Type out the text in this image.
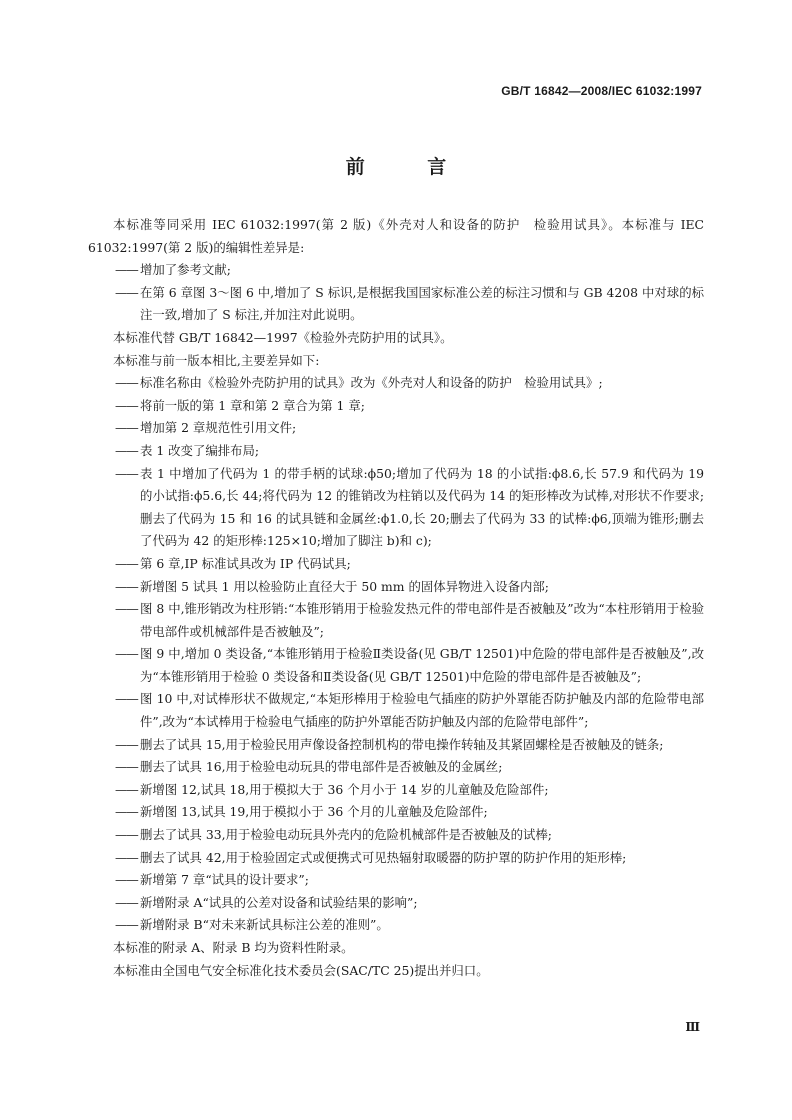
GB/T 16842—2008/IEC 61032:1997
前 言

本标准等同采用 IEC 61032:1997(第 2 版)《外壳对人和设备的防护　检验用试具》。本标准与 IEC 61032:1997(第 2 版)的编辑性差异是:

—— 增加了参考文献;

—— 在第 6 章图 3～图 6 中,增加了 S 标识,是根据我国国家标准公差的标注习惯和与 GB 4208 中对球的标注一致,增加了 S 标注,并加注对此说明。

本标准代替 GB/T 16842—1997《检验外壳防护用的试具》。

本标准与前一版本相比,主要差异如下:

—— 标准名称由《检验外壳防护用的试具》改为《外壳对人和设备的防护　检验用试具》;

—— 将前一版的第 1 章和第 2 章合为第 1 章;

—— 增加第 2 章规范性引用文件;

—— 表 1 改变了编排布局;

—— 表 1 中增加了代码为 1 的带手柄的试球:ϕ50;增加了代码为 18 的小试指:ϕ8.6,长 57.9 和代码为 19 的小试指:ϕ5.6,长 44;将代码为 12 的锥销改为柱销以及代码为 14 的矩形棒改为试棒,对形状不作要求;删去了代码为 15 和 16 的试具链和金属丝:ϕ1.0,长 20;删去了代码为 33 的试棒:ϕ6,顶端为锥形;删去了代码为 42 的矩形棒:125×10;增加了脚注 b)和 c);

—— 第 6 章,IP 标准试具改为 IP 代码试具;

—— 新增图 5 试具 1 用以检验防止直径大于 50 mm 的固体异物进入设备内部;

—— 图 8 中,锥形销改为柱形销:“本锥形销用于检验发热元件的带电部件是否被触及”改为“本柱形销用于检验带电部件或机械部件是否被触及”;

—— 图 9 中,增加 0 类设备,“本锥形销用于检验Ⅱ类设备(见 GB/T 12501)中危险的带电部件是否被触及”,改为“本锥形销用于检验 0 类设备和Ⅱ类设备(见 GB/T 12501)中危险的带电部件是否被触及”;

—— 图 10 中,对试棒形状不做规定,“本矩形棒用于检验电气插座的防护外罩能否防护触及内部的危险带电部件”,改为“本试棒用于检验电气插座的防护外罩能否防护触及内部的危险带电部件”;

—— 删去了试具 15,用于检验民用声像设备控制机构的带电操作转轴及其紧固螺栓是否被触及的链条;

—— 删去了试具 16,用于检验电动玩具的带电部件是否被触及的金属丝;

—— 新增图 12,试具 18,用于模拟大于 36 个月小于 14 岁的儿童触及危险部件;

—— 新增图 13,试具 19,用于模拟小于 36 个月的儿童触及危险部件;

—— 删去了试具 33,用于检验电动玩具外壳内的危险机械部件是否被触及的试棒;

—— 删去了试具 42,用于检验固定式或便携式可见热辐射取暖器的防护罩的防护作用的矩形棒;

—— 新增第 7 章“试具的设计要求”;

—— 新增附录 A“试具的公差对设备和试验结果的影响”;

—— 新增附录 B“对未来新试具标注公差的准则”。

本标准的附录 A、附录 B 均为资料性附录。

本标准由全国电气安全标准化技术委员会(SAC/TC 25)提出并归口。

Ⅲ
